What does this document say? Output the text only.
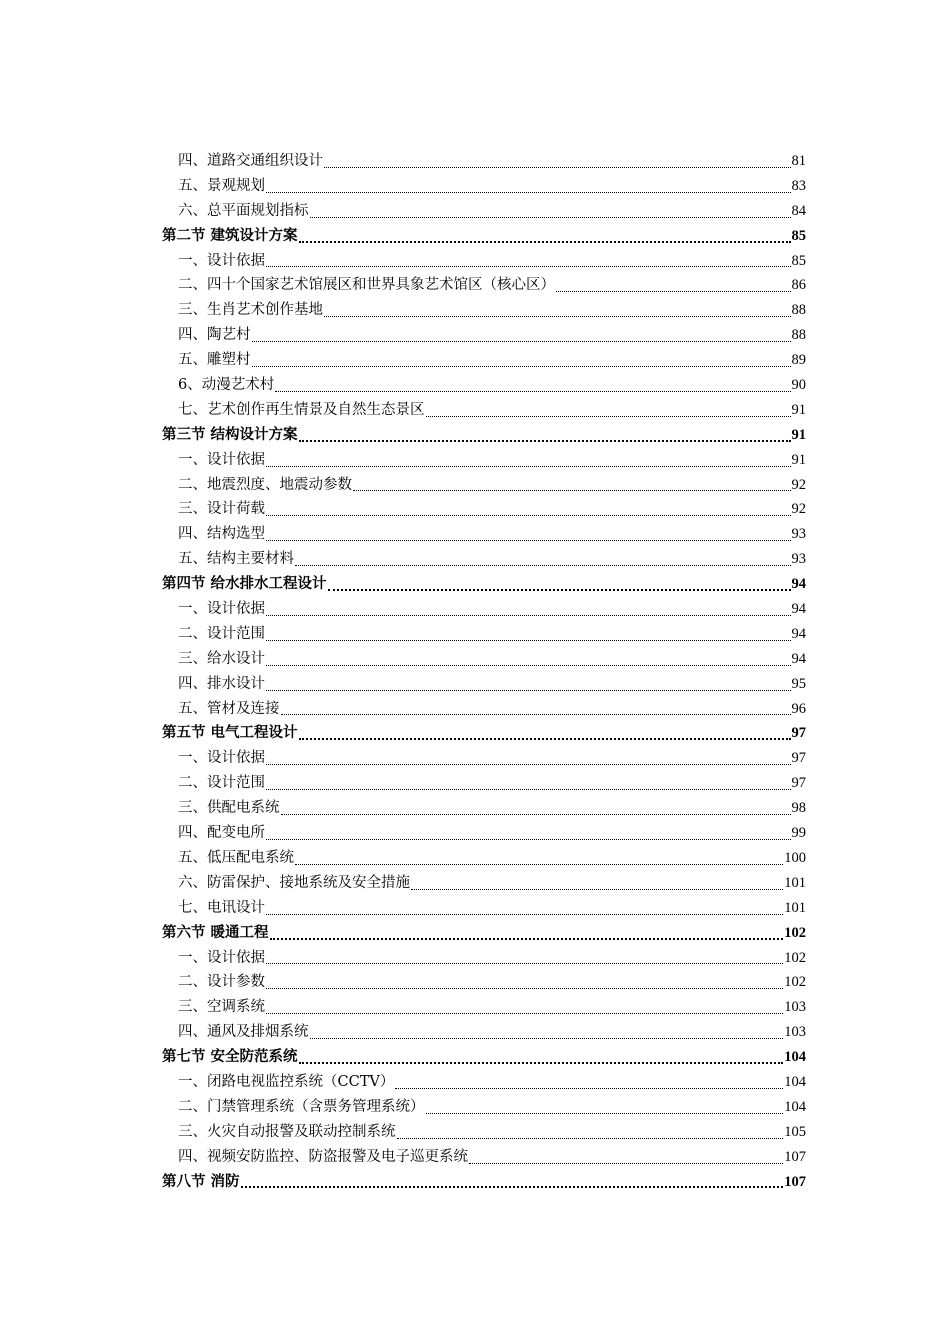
四、道路交通组织设计	81
五、景观规划	83
六、总平面规划指标	84
第二节 建筑设计方案	85
一、设计依据	85
二、四十个国家艺术馆展区和世界具象艺术馆区（核心区）	86
三、生肖艺术创作基地	88
四、陶艺村	88
五、雕塑村	89
6、动漫艺术村	90
七、艺术创作再生情景及自然生态景区	91
第三节 结构设计方案	91
一、设计依据	91
二、地震烈度、地震动参数	92
三、设计荷载	92
四、结构选型	93
五、结构主要材料	93
第四节 给水排水工程设计	94
一、设计依据	94
二、设计范围	94
三、给水设计	94
四、排水设计	95
五、管材及连接	96
第五节 电气工程设计	97
一、设计依据	97
二、设计范围	97
三、供配电系统	98
四、配变电所	99
五、低压配电系统	100
六、防雷保护、接地系统及安全措施	101
七、电讯设计	101
第六节 暖通工程	102
一、设计依据	102
二、设计参数	102
三、空调系统	103
四、通风及排烟系统	103
第七节 安全防范系统	104
一、闭路电视监控系统（CCTV）	104
二、门禁管理系统（含票务管理系统）	104
三、火灾自动报警及联动控制系统	105
四、视频安防监控、防盗报警及电子巡更系统	107
第八节 消防	107
